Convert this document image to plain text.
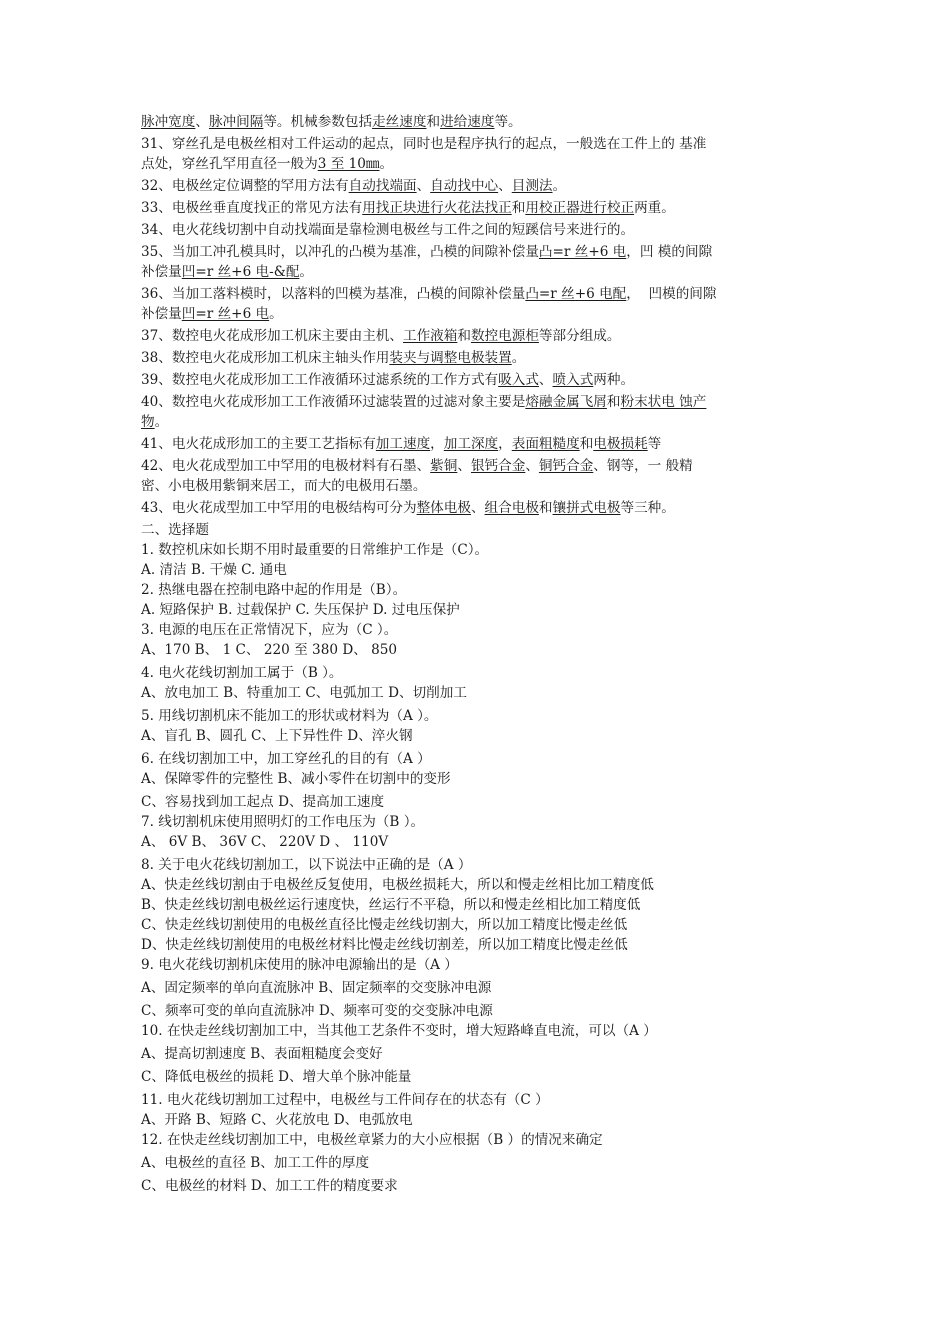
脉冲宽度、脉冲间隔等。机械参数包括走丝速度和进给速度等。
31、穿丝孔是电极丝相对工件运动的起点，同时也是程序执行的起点，一般选在工件上的 基准
点处，穿丝孔罕用直径一般为3 至 10㎜。
32、电极丝定位调整的罕用方法有自动找端面、自动找中心、目测法。
33、电极丝垂直度找正的常见方法有用找正块进行火花法找正和用校正器进行校正两重。
34、电火花线切割中自动找端面是靠检测电极丝与工件之间的短蹊信号来进行的。
35、当加工冲孔模具时，以冲孔的凸模为基准，凸模的间隙补偿量凸=r 丝+6 电，凹 模的间隙
补偿量凹=r 丝+6 电-&配。
36、当加工落料模时，以落料的凹模为基准，凸模的间隙补偿量凸=r 丝+6 电配，  凹模的间隙
补偿量凹=r 丝+6 电。
37、数控电火花成形加工机床主要由主机、工作液箱和数控电源柜等部分组成。
38、数控电火花成形加工机床主轴头作用装夹与调整电极装置。
39、数控电火花成形加工工作液循环过滤系统的工作方式有吸入式、喷入式两种。
40、数控电火花成形加工工作液循环过滤装置的过滤对象主要是熔融金属飞屑和粉末状电 蚀产
物。
41、电火花成形加工的主要工艺指标有加工速度，加工深度，表面粗糙度和电极损耗等
42、电火花成型加工中罕用的电极材料有石墨、紫铜、银钙合金、铜钙合金、钢等，一 般精
密、小电极用紫铜来居工，而大的电极用石墨。
43、电火花成型加工中罕用的电极结构可分为整体电极、组合电极和镶拼式电极等三种。
二、选择题
1. 数控机床如长期不用时最重要的日常维护工作是（C）。
A. 清洁 B. 干燥 C. 通电
2. 热继电器在控制电路中起的作用是（B）。
A. 短路保护 B. 过载保护 C. 失压保护 D. 过电压保护
3. 电源的电压在正常情况下，应为（C ）。
A、170 B、 1 C、 220 至 380 D、 850
4. 电火花线切割加工属于（B ）。
A、放电加工 B、特重加工 C、电弧加工 D、切削加工
5. 用线切割机床不能加工的形状或材料为（A ）。
A、盲孔 B、圆孔 C、上下异性件 D、淬火钢
6. 在线切割加工中，加工穿丝孔的目的有（A ）
A、保障零件的完整性 B、减小零件在切割中的变形
C、容易找到加工起点 D、提高加工速度
7. 线切割机床使用照明灯的工作电压为（B ）。
A、 6V B、 36V C、 220V D 、 110V
8. 关于电火花线切割加工，以下说法中正确的是（A ）
A、快走丝线切割由于电极丝反复使用，电极丝损耗大，所以和慢走丝相比加工精度低
B、快走丝线切割电极丝运行速度快，丝运行不平稳，所以和慢走丝相比加工精度低
C、快走丝线切割使用的电极丝直径比慢走丝线切割大，所以加工精度比慢走丝低
D、快走丝线切割使用的电极丝材料比慢走丝线切割差，所以加工精度比慢走丝低
9. 电火花线切割机床使用的脉冲电源输出的是（A ）
A、固定频率的单向直流脉冲 B、固定频率的交变脉冲电源
C、频率可变的单向直流脉冲 D、频率可变的交变脉冲电源
10. 在快走丝线切割加工中，当其他工艺条件不变时，增大短路峰直电流，可以（A ）
A、提高切割速度 B、表面粗糙度会变好
C、降低电极丝的损耗 D、增大单个脉冲能量
11. 电火花线切割加工过程中，电极丝与工件间存在的状态有（C ）
A、开路 B、短路 C、火花放电 D、电弧放电
12. 在快走丝线切割加工中，电极丝章紧力的大小应根据（B ）的情况来确定
A、电极丝的直径 B、加工工件的厚度
C、电极丝的材料 D、加工工件的精度要求
